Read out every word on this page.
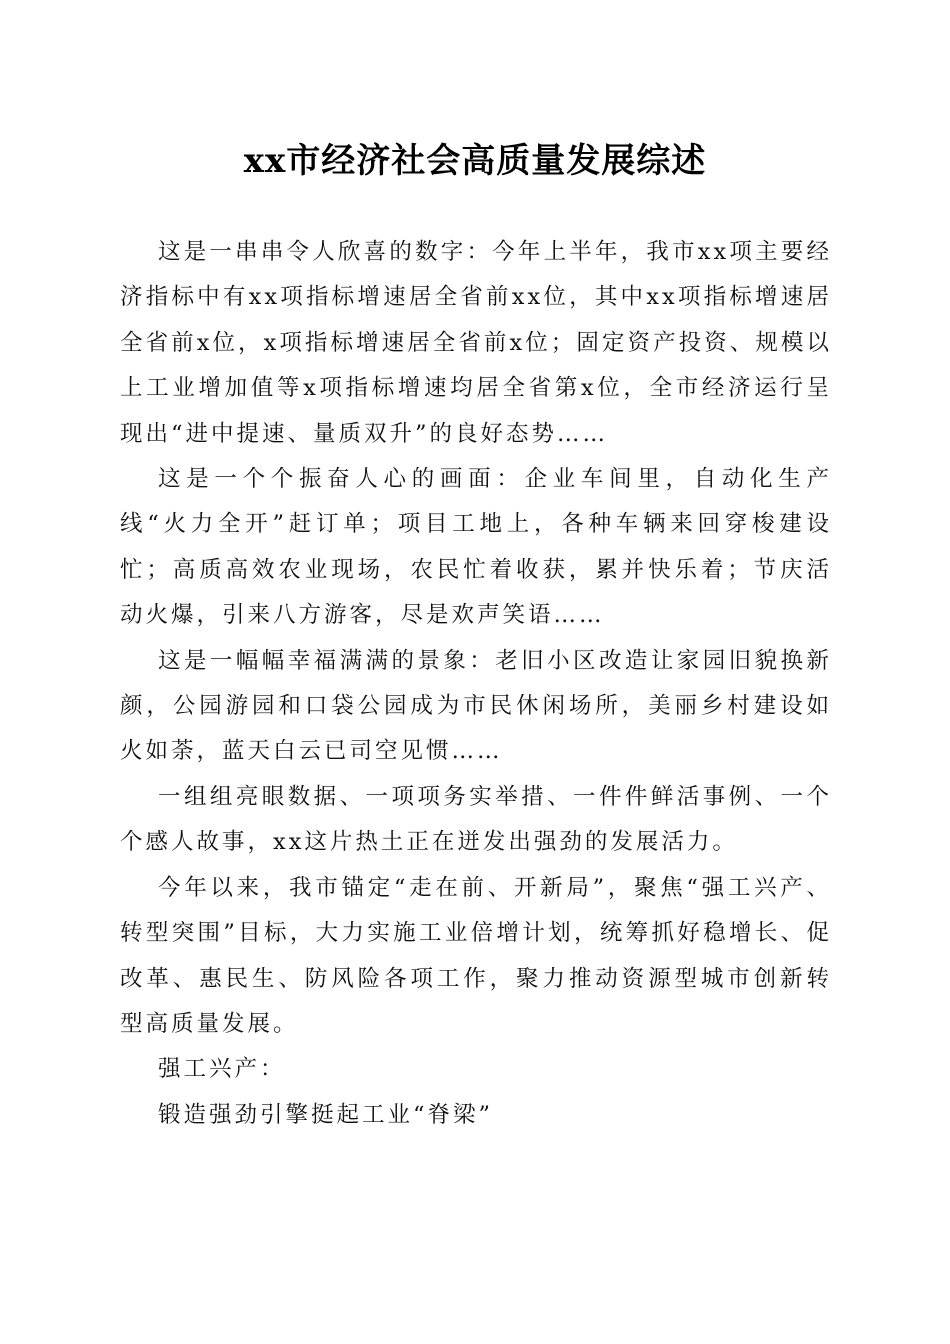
xx市经济社会高质量发展综述

这是一串串令人欣喜的数字：今年上半年，我市xx项主要经济指标中有xx项指标增速居全省前xx位，其中xx项指标增速居全省前x位，x项指标增速居全省前x位；固定资产投资、规模以上工业增加值等x项指标增速均居全省第x位，全市经济运行呈现出“进中提速、量质双升”的良好态势……

这是一个个振奋人心的画面：企业车间里，自动化生产线“火力全开”赶订单；项目工地上，各种车辆来回穿梭建设忙；高质高效农业现场，农民忙着收获，累并快乐着；节庆活动火爆，引来八方游客，尽是欢声笑语……

这是一幅幅幸福满满的景象：老旧小区改造让家园旧貌换新颜，公园游园和口袋公园成为市民休闲场所，美丽乡村建设如火如荼，蓝天白云已司空见惯……

一组组亮眼数据、一项项务实举措、一件件鲜活事例、一个个感人故事，xx这片热土正在迸发出强劲的发展活力。

今年以来，我市锚定“走在前、开新局”，聚焦“强工兴产、转型突围”目标，大力实施工业倍增计划，统筹抓好稳增长、促改革、惠民生、防风险各项工作，聚力推动资源型城市创新转型高质量发展。

强工兴产：

锻造强劲引擎挺起工业“脊梁”
